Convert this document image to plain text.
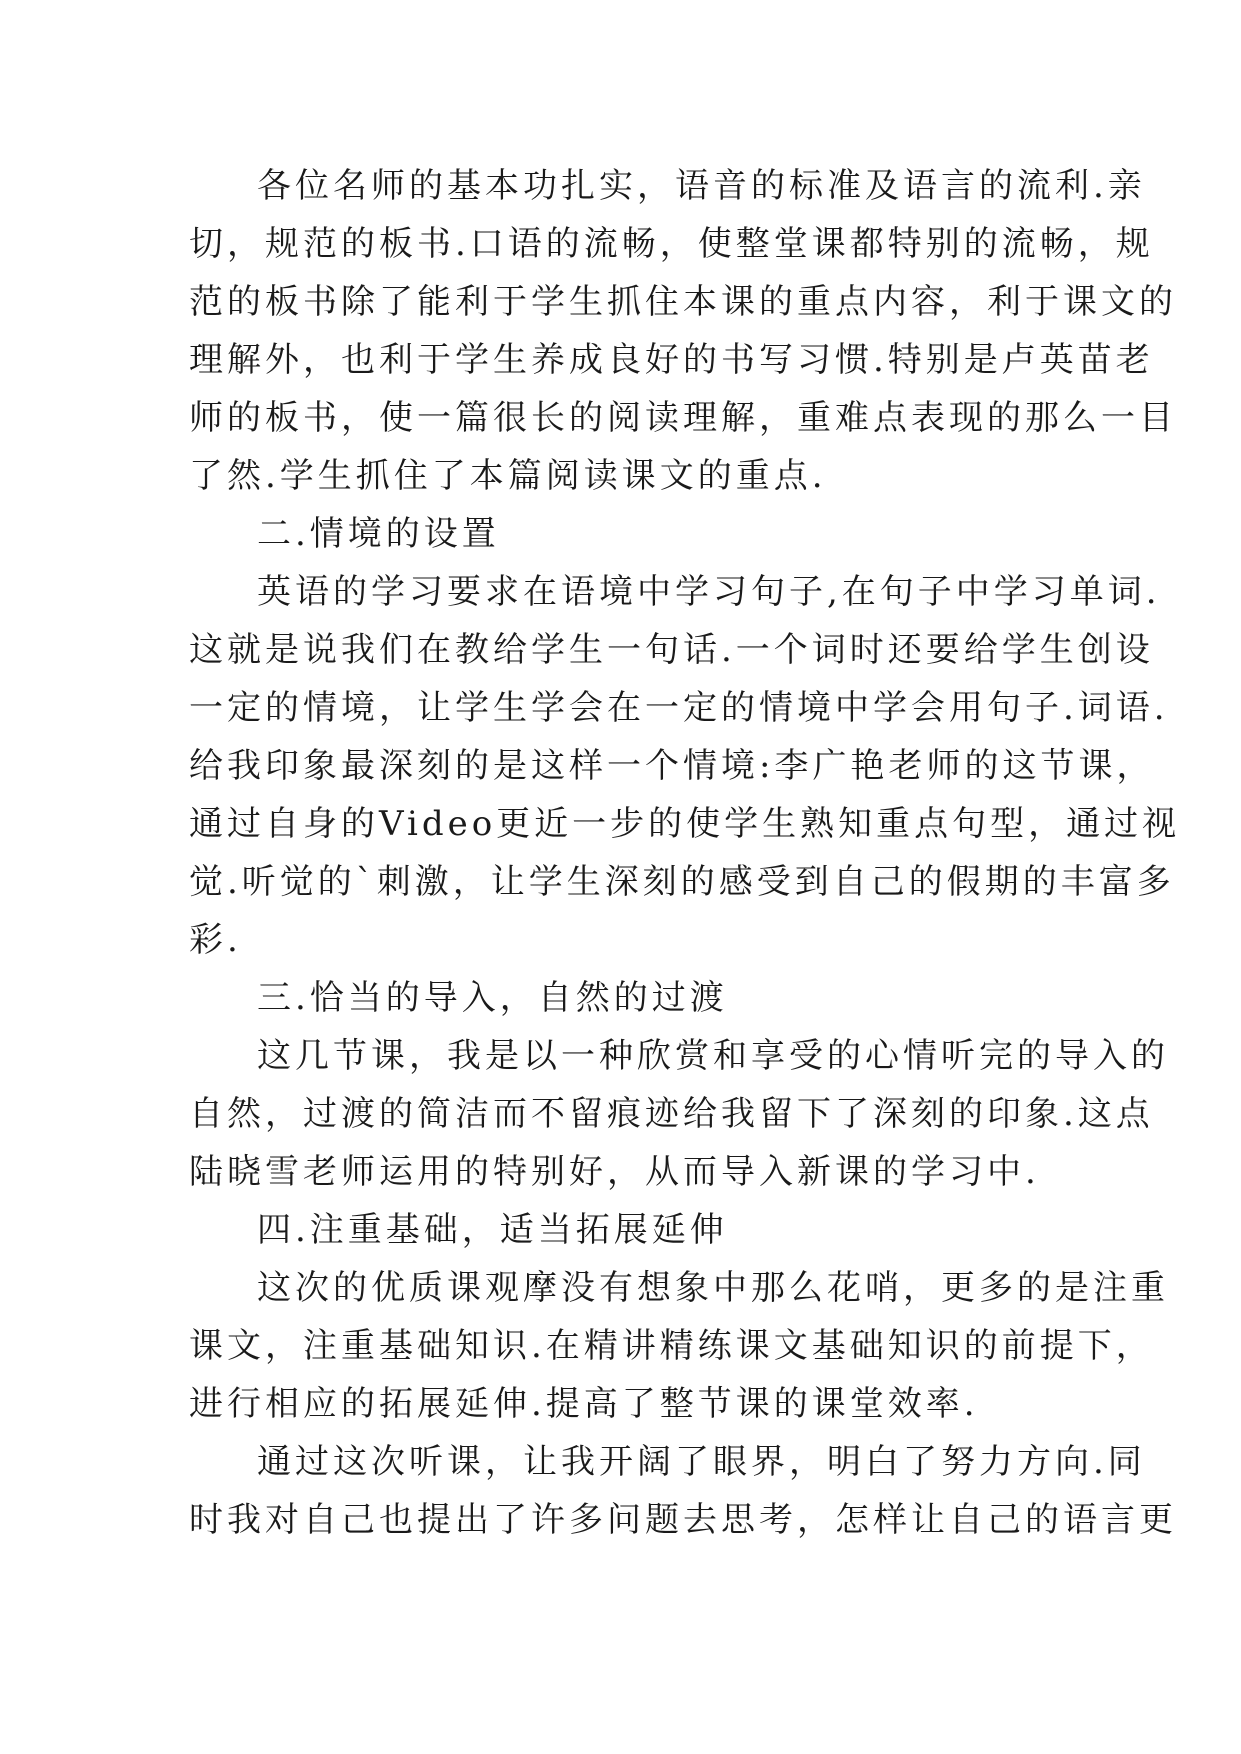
各位名师的基本功扎实，语音的标准及语言的流利.亲
切，规范的板书.口语的流畅，使整堂课都特别的流畅，规
范的板书除了能利于学生抓住本课的重点内容，利于课文的
理解外，也利于学生养成良好的书写习惯.特别是卢英苗老
师的板书，使一篇很长的阅读理解，重难点表现的那么一目
了然.学生抓住了本篇阅读课文的重点.
二.情境的设置
英语的学习要求在语境中学习句子,在句子中学习单词.
这就是说我们在教给学生一句话.一个词时还要给学生创设
一定的情境，让学生学会在一定的情境中学会用句子.词语.
给我印象最深刻的是这样一个情境:李广艳老师的这节课，
通过自身的Video更近一步的使学生熟知重点句型，通过视
觉.听觉的`刺激，让学生深刻的感受到自己的假期的丰富多
彩.
三.恰当的导入，自然的过渡
这几节课，我是以一种欣赏和享受的心情听完的导入的
自然，过渡的简洁而不留痕迹给我留下了深刻的印象.这点
陆晓雪老师运用的特别好，从而导入新课的学习中.
四.注重基础，适当拓展延伸
这次的优质课观摩没有想象中那么花哨，更多的是注重
课文，注重基础知识.在精讲精练课文基础知识的前提下，
进行相应的拓展延伸.提高了整节课的课堂效率.
通过这次听课，让我开阔了眼界，明白了努力方向.同
时我对自己也提出了许多问题去思考，怎样让自己的语言更
